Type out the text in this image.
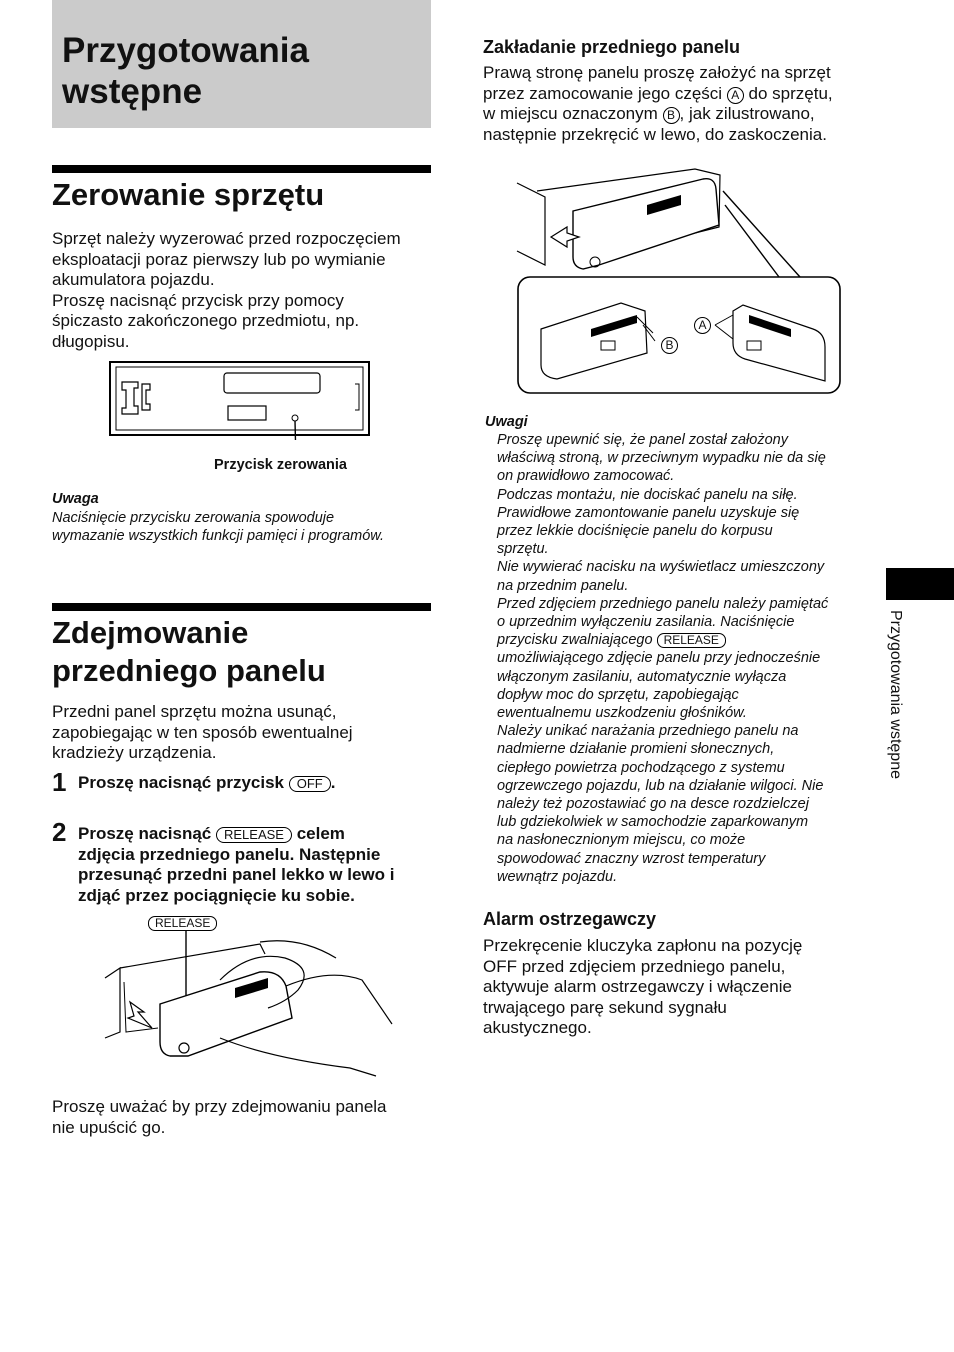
Przygotowania
wstępne
Zerowanie sprzętu
Sprzęt należy wyzerować przed rozpoczęciem
eksploatacji poraz pierwszy lub po wymianie
akumulatora pojazdu.
Proszę nacisnąć przycisk przy pomocy
śpiczasto zakończonego przedmiotu, np.
długopisu.
Przycisk zerowania
Uwaga

Naciśnięcie przycisku zerowania spowoduje

wymazanie wszystkich funkcji pamięci i programów.

Zdejmowanie
przedniego panelu
Przedni panel sprzętu można usunąć,
zapobiegając w ten sposób ewentualnej
kradzieży urządzenia.
1 Proszę nacisnąć przycisk OFF .
2 Proszę nacisnąć RELEASE celem
zdjęcia przedniego panelu. Następnie
przesunąć przedni panel lekko w lewo i
zdjąć przez pociągnięcie ku sobie.
RELEASE
Proszę uważać by przy zdejmowaniu panela
nie upuścić go.
Zakładanie przedniego panelu
Prawą stronę panelu proszę założyć na sprzęt
przez zamocowanie jego części A do sprzętu,
w miejscu oznaczonym B , jak zilustrowano,
następnie przekręcić w lewo, do zaskoczenia.
A
B
Uwagi

Proszę upewnić się, że panel został założony

właściwą stroną, w przeciwnym wypadku nie da się

on prawidłowo zamocować.

Podczas montażu, nie dociskać panelu na siłę.

Prawidłowe zamontowanie panelu uzyskuje się

przez lekkie dociśnięcie panelu do korpusu

sprzętu.

Nie wywierać nacisku na wyświetlacz umieszczony

na przednim panelu.

Przed zdjęciem przedniego panelu należy pamiętać

o uprzednim wyłączeniu zasilania. Naciśnięcie

przycisku zwalniającego RELEASE

umożliwiającego zdjęcie panelu przy jednocześnie

włączonym zasilaniu, automatycznie wyłącza

dopływ moc do sprzętu, zapobiegając

ewentualnemu uszkodzeniu głośników.

Należy unikać narażania przedniego panelu na

nadmierne działanie promieni słonecznych,

ciepłego powietrza pochodzącego z systemu

ogrzewczego pojazdu, lub na działanie wilgoci. Nie

należy też pozostawiać go na desce rozdzielczej

lub gdziekolwiek w samochodzie zaparkowanym

na nasłonecznionym miejscu, co może

spowodować znaczny wzrost temperatury

wewnątrz pojazdu.

Alarm ostrzegawczy
Przekręcenie kluczyka zapłonu na pozycję
OFF przed zdjęciem przedniego panelu,
aktywuje alarm ostrzegawczy i włączenie
trwającego parę sekund sygnału
akustycznego.
Przygotowania wstępne
